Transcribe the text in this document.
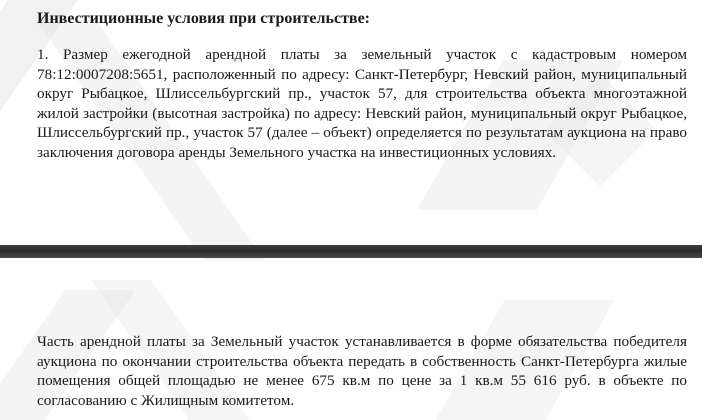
Инвестиционные условия при строительстве:

1. Размер ежегодной арендной платы за земельный участок с кадастровым номером 78:12:0007208:5651, расположенный по адресу: Санкт-Петербург, Невский район, муниципальный округ Рыбацкое, Шлиссельбургский пр., участок 57, для строительства объекта многоэтажной жилой застройки (высотная застройка) по адресу: Невский район, муниципальный округ Рыбацкое, Шлиссельбургский пр., участок 57 (далее – объект) определяется по результатам аукциона на право заключения договора аренды Земельного участка на инвестиционных условиях.

Часть арендной платы за Земельный участок устанавливается в форме обязательства победителя аукциона по окончании строительства объекта передать в собственность Санкт-Петербурга жилые помещения общей площадью не менее 675 кв.м по цене за 1 кв.м 55 616 руб. в объекте по согласованию с Жилищным комитетом.
